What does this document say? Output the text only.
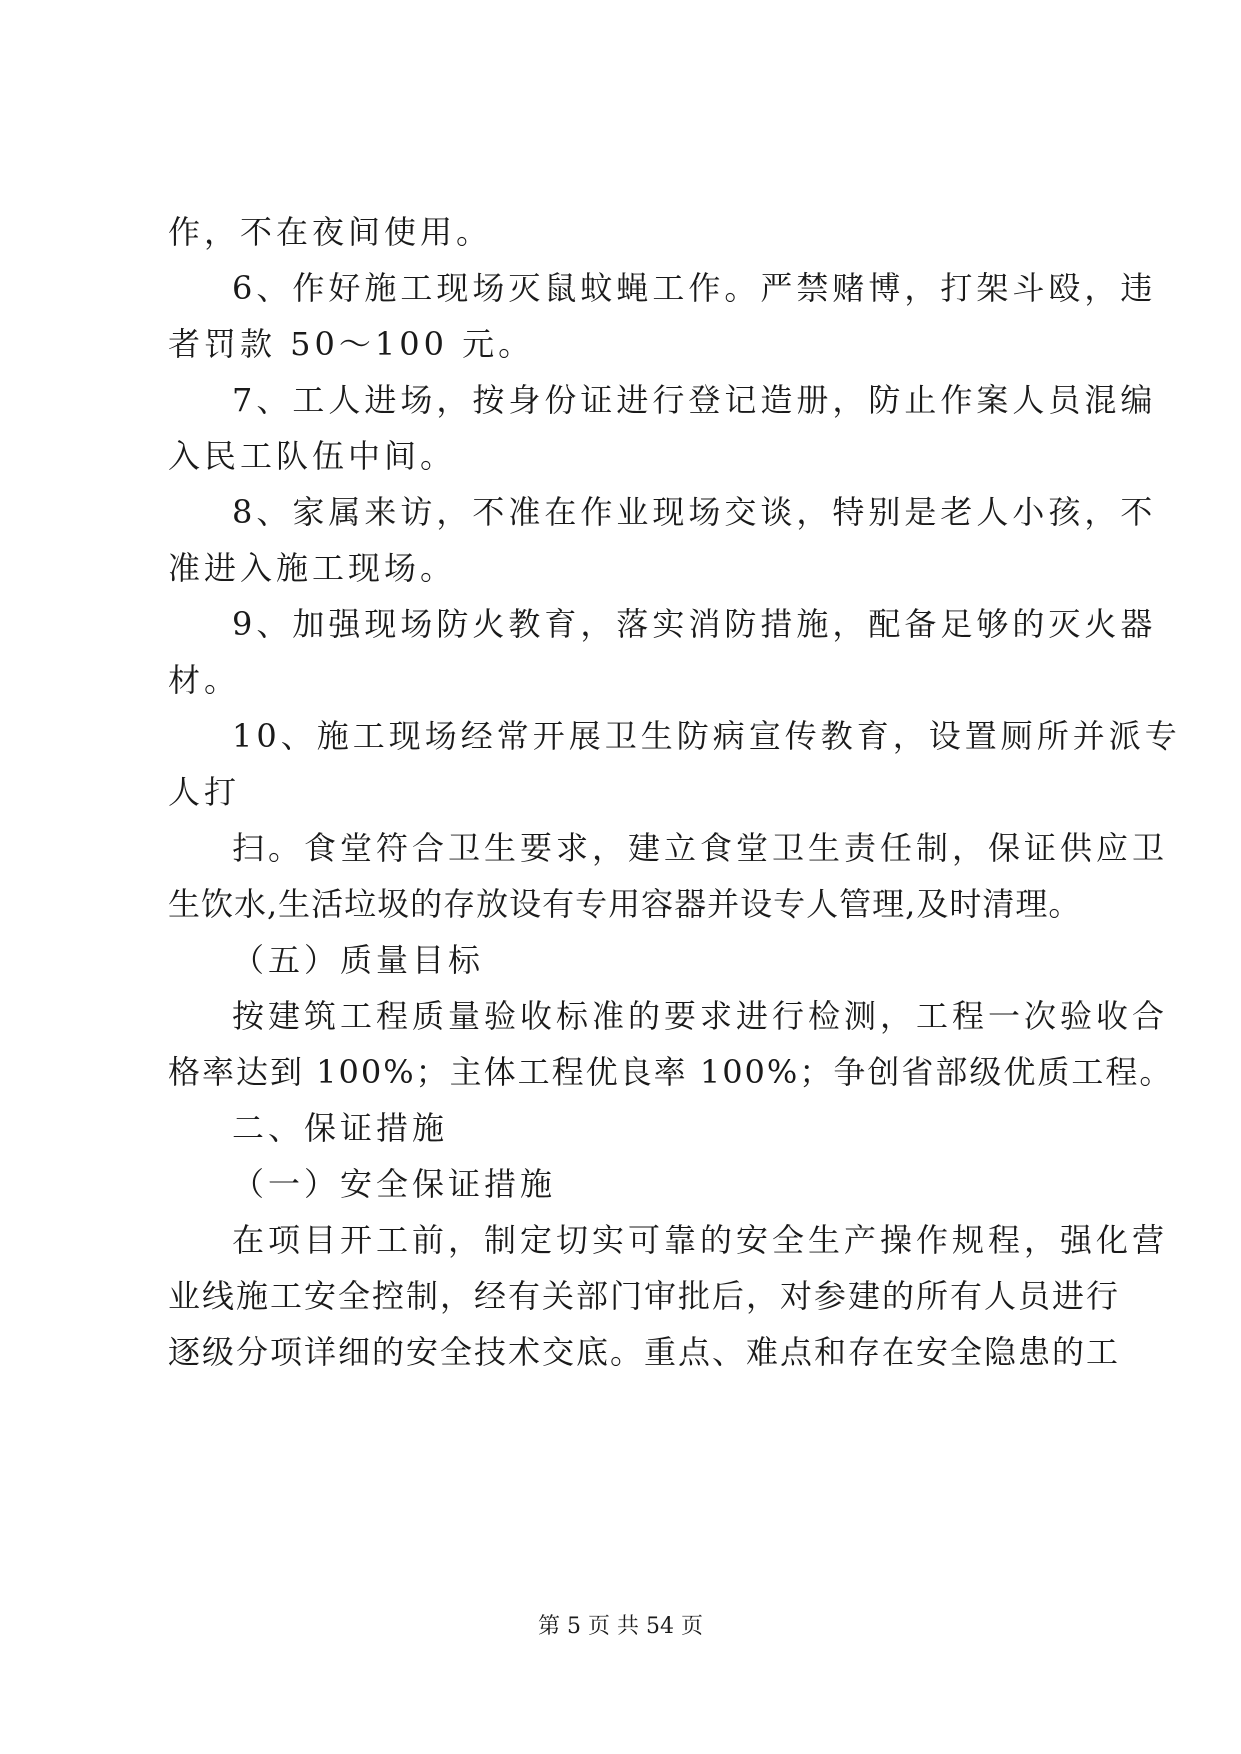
作，不在夜间使用。
6、作好施工现场灭鼠蚊蝇工作。严禁赌博，打架斗殴，违
者罚款 50～100 元。
7、工人进场，按身份证进行登记造册，防止作案人员混编
入民工队伍中间。
8、家属来访，不准在作业现场交谈，特别是老人小孩，不
准进入施工现场。
9、加强现场防火教育，落实消防措施，配备足够的灭火器
材。
10、施工现场经常开展卫生防病宣传教育，设置厕所并派专
人打
扫。食堂符合卫生要求，建立食堂卫生责任制，保证供应卫
生饮水,生活垃圾的存放设有专用容器并设专人管理,及时清理。
（五）质量目标
按建筑工程质量验收标准的要求进行检测，工程一次验收合
格率达到 100%；主体工程优良率 100%；争创省部级优质工程。
二、保证措施
（一）安全保证措施
在项目开工前，制定切实可靠的安全生产操作规程，强化营
业线施工安全控制，经有关部门审批后，对参建的所有人员进行
逐级分项详细的安全技术交底。重点、难点和存在安全隐患的工
第 5 页 共 54 页
